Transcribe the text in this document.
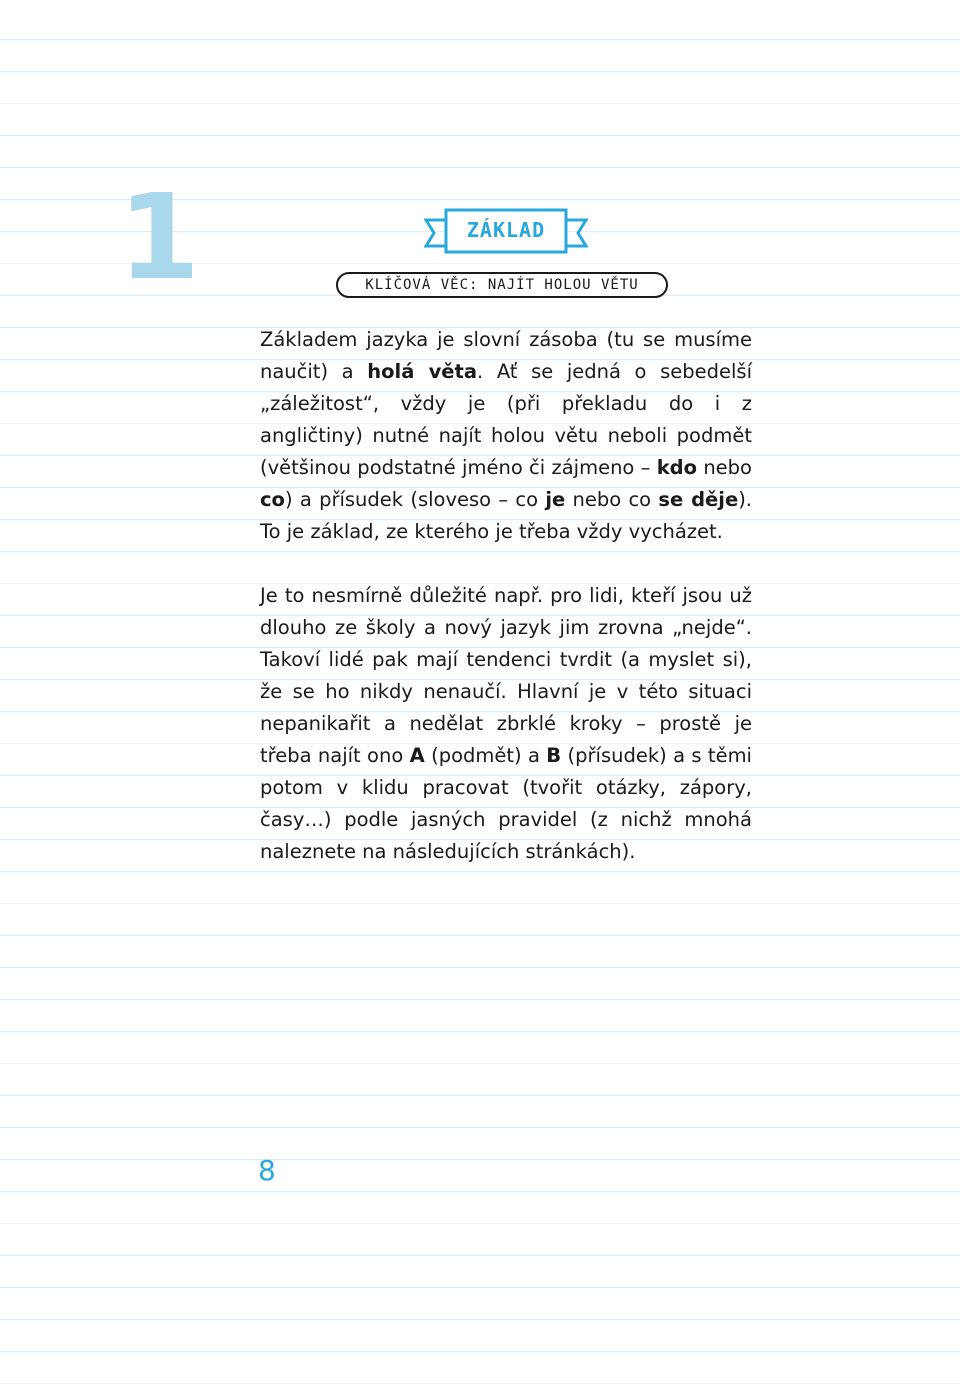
1	ZÁKLAD
KLÍČOVÁ VĚC: NAJÍT HOLOU VĚTU

Základem jazyka je slovní zásoba (tu se musíme naučit) a holá věta. Ať se jedná o sebedelší „záležitost“, vždy je (při překladu do i z angličtiny) nutné najít holou větu neboli podmět (většinou podstatné jméno či zájmeno – kdo nebo co) a přísudek (sloveso – co je nebo co se děje). To je základ, ze kterého je třeba vždy vycházet.

Je to nesmírně důležité např. pro lidi, kteří jsou už dlouho ze školy a nový jazyk jim zrovna „nejde“. Takoví lidé pak mají tendenci tvrdit (a myslet si), že se ho nikdy nenaučí. Hlavní je v této situaci nepanikařit a nedělat zbrklé kroky – prostě je třeba najít ono A (podmět) a B (přísudek) a s těmi potom v klidu pracovat (tvořit otázky, zápory, časy…) podle jasných pravidel (z nichž mnohá naleznete na následujících stránkách).

8
